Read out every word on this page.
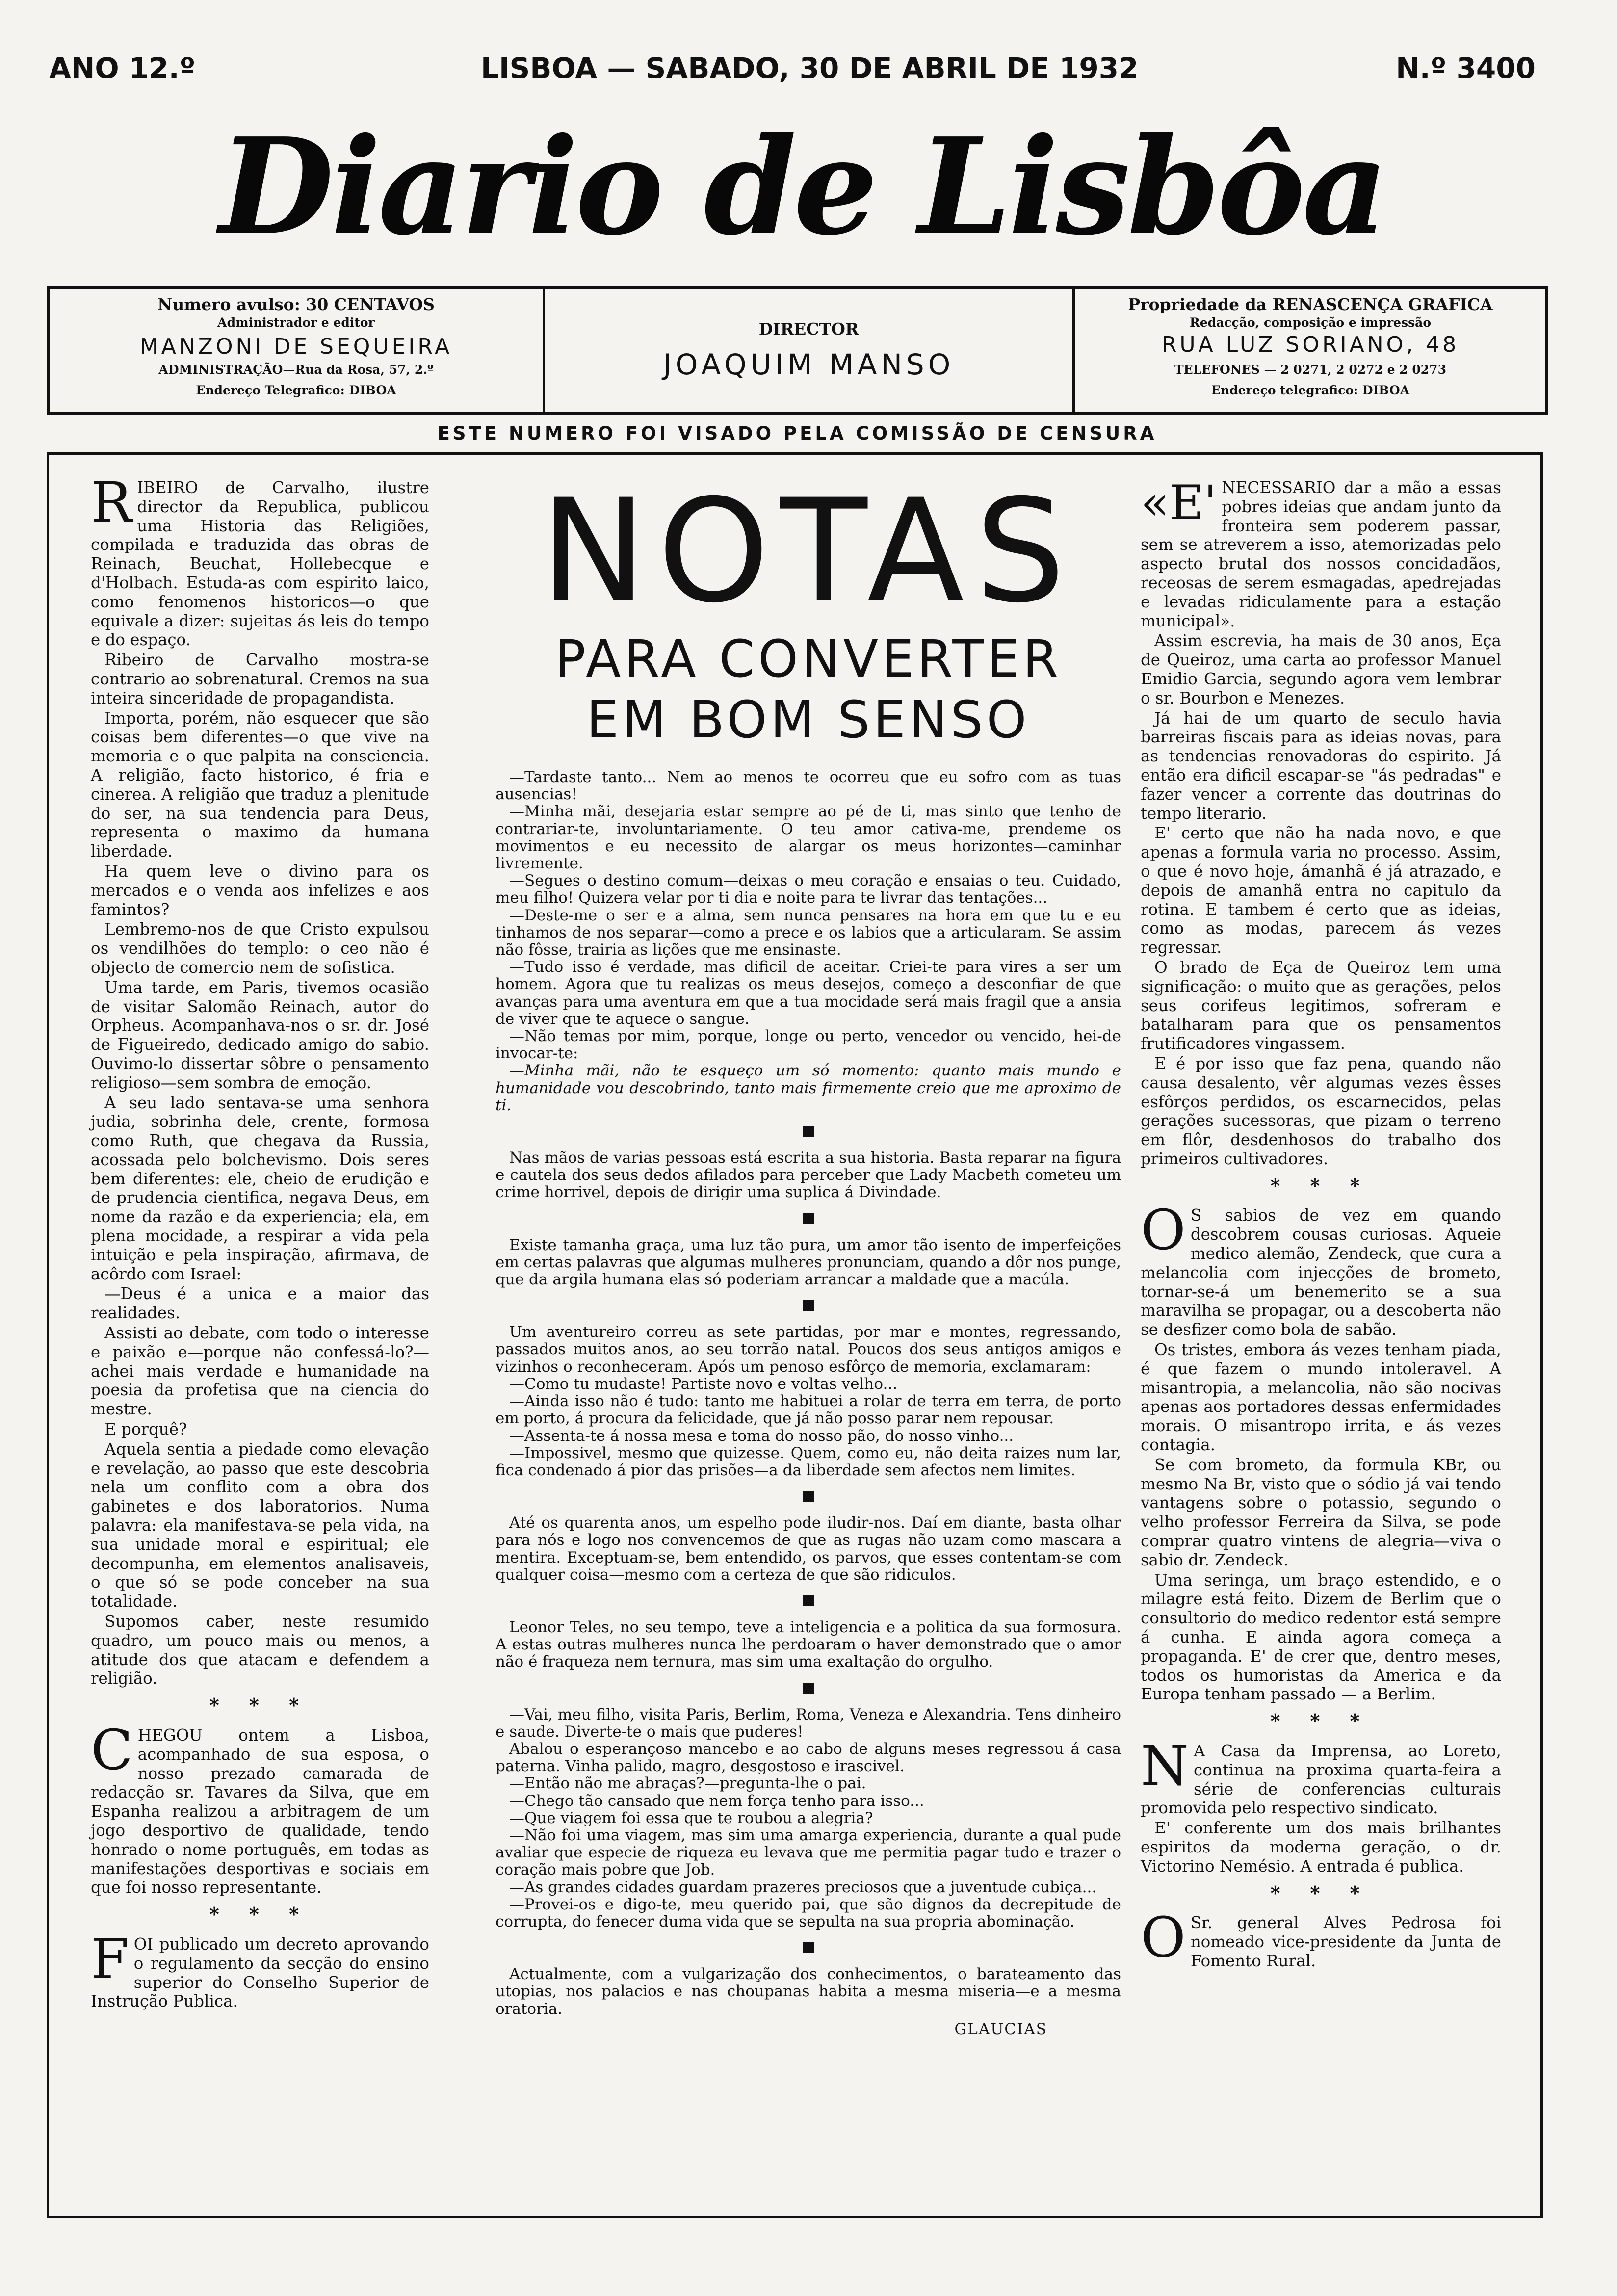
ANO 12.º	LISBOA — SABADO, 30 DE ABRIL DE 1932	N.º 3400
Diario de Lisbôa
Numero avulso: 30 CENTAVOS
Administrador e editor
MANZONI DE SEQUEIRA
ADMINISTRAÇÃO—Rua da Rosa, 57, 2.º
Endereço Telegrafico: DIBOA
DIRECTOR
JOAQUIM MANSO
Propriedade da RENASCENÇA GRAFICA
Redacção, composição e impressão
RUA LUZ SORIANO, 48
TELEFONES — 2 0271, 2 0272 e 2 0273
Endereço telegrafico: DIBOA
ESTE NUMERO FOI VISADO PELA COMISSÃO DE CENSURA

RIBEIRO de Carvalho, ilustre director da Republica, publicou uma Historia das Religiões, compilada e traduzida das obras de Reinach, Beuchat, Hollebecque e d'Holbach. Estuda-as com espirito laico, como fenomenos historicos—o que equivale a dizer: sujeitas ás leis do tempo e do espaço.

Ribeiro de Carvalho mostra-se contrario ao sobrenatural. Cremos na sua inteira sinceridade de propagandista.

Importa, porém, não esquecer que são coisas bem diferentes—o que vive na memoria e o que palpita na consciencia. A religião, facto historico, é fria e cinerea. A religião que traduz a plenitude do ser, na sua tendencia para Deus, representa o maximo da humana liberdade.

Ha quem leve o divino para os mercados e o venda aos infelizes e aos famintos?

Lembremo-nos de que Cristo expulsou os vendilhões do templo: o ceo não é objecto de comercio nem de sofistica.

Uma tarde, em Paris, tivemos ocasião de visitar Salomão Reinach, autor do Orpheus. Acompanhava-nos o sr. dr. José de Figueiredo, dedicado amigo do sabio. Ouvimo-lo dissertar sôbre o pensamento religioso—sem sombra de emoção.

A seu lado sentava-se uma senhora judia, sobrinha dele, crente, formosa como Ruth, que chegava da Russia, acossada pelo bolchevismo. Dois seres bem diferentes: ele, cheio de erudição e de prudencia cientifica, negava Deus, em nome da razão e da experiencia; ela, em plena mocidade, a respirar a vida pela intuição e pela inspiração, afirmava, de acôrdo com Israel:

—Deus é a unica e a maior das realidades.

Assisti ao debate, com todo o interesse e paixão e—porque não confessá-lo?—achei mais verdade e humanidade na poesia da profetisa que na ciencia do mestre.

E porquê?

Aquela sentia a piedade como elevação e revelação, ao passo que este descobria nela um conflito com a obra dos gabinetes e dos laboratorios. Numa palavra: ela manifestava-se pela vida, na sua unidade moral e espiritual; ele decompunha, em elementos analisaveis, o que só se pode conceber na sua totalidade.

Supomos caber, neste resumido quadro, um pouco mais ou menos, a atitude dos que atacam e defendem a religião.

* * *

CHEGOU ontem a Lisboa, acompanhado de sua esposa, o nosso prezado camarada de redacção sr. Tavares da Silva, que em Espanha realizou a arbitragem de um jogo desportivo de qualidade, tendo honrado o nome português, em todas as manifestações desportivas e sociais em que foi nosso representante.

* * *

FOI publicado um decreto aprovando o regulamento da secção do ensino superior do Conselho Superior de Instrução Publica.

NOTAS
PARA CONVERTER
EM BOM SENSO

—Tardaste tanto... Nem ao menos te ocorreu que eu sofro com as tuas ausencias!

—Minha mãi, desejaria estar sempre ao pé de ti, mas sinto que tenho de contrariar-te, involuntariamente. O teu amor cativa-me, prendeme os movimentos e eu necessito de alargar os meus horizontes—caminhar livremente.

—Segues o destino comum—deixas o meu coração e ensaias o teu. Cuidado, meu filho! Quizera velar por ti dia e noite para te livrar das tentações...

—Deste-me o ser e a alma, sem nunca pensares na hora em que tu e eu tinhamos de nos separar—como a prece e os labios que a articularam. Se assim não fôsse, trairia as lições que me ensinaste.

—Tudo isso é verdade, mas dificil de aceitar. Criei-te para vires a ser um homem. Agora que tu realizas os meus desejos, começo a desconfiar de que avanças para uma aventura em que a tua mocidade será mais fragil que a ansia de viver que te aquece o sangue.

—Não temas por mim, porque, longe ou perto, vencedor ou vencido, hei-de invocar-te:

—Minha mãi, não te esqueço um só momento: quanto mais mundo e humanidade vou descobrindo, tanto mais firmemente creio que me aproximo de ti.

Nas mãos de varias pessoas está escrita a sua historia. Basta reparar na figura e cautela dos seus dedos afilados para perceber que Lady Macbeth cometeu um crime horrivel, depois de dirigir uma suplica á Divindade.

Existe tamanha graça, uma luz tão pura, um amor tão isento de imperfeições em certas palavras que algumas mulheres pronunciam, quando a dôr nos punge, que da argila humana elas só poderiam arrancar a maldade que a macúla.

Um aventureiro correu as sete partidas, por mar e montes, regressando, passados muitos anos, ao seu torrão natal. Poucos dos seus antigos amigos e vizinhos o reconheceram. Após um penoso esfôrço de memoria, exclamaram:

—Como tu mudaste! Partiste novo e voltas velho...

—Ainda isso não é tudo: tanto me habituei a rolar de terra em terra, de porto em porto, á procura da felicidade, que já não posso parar nem repousar.

—Assenta-te á nossa mesa e toma do nosso pão, do nosso vinho...

—Impossivel, mesmo que quizesse. Quem, como eu, não deita raizes num lar, fica condenado á pior das prisões—a da liberdade sem afectos nem limites.

Até os quarenta anos, um espelho pode iludir-nos. Daí em diante, basta olhar para nós e logo nos convencemos de que as rugas não uzam como mascara a mentira. Exceptuam-se, bem entendido, os parvos, que esses contentam-se com qualquer coisa—mesmo com a certeza de que são ridiculos.

Leonor Teles, no seu tempo, teve a inteligencia e a politica da sua formosura. A estas outras mulheres nunca lhe perdoaram o haver demonstrado que o amor não é fraqueza nem ternura, mas sim uma exaltação do orgulho.

—Vai, meu filho, visita Paris, Berlim, Roma, Veneza e Alexandria. Tens dinheiro e saude. Diverte-te o mais que puderes!

Abalou o esperançoso mancebo e ao cabo de alguns meses regressou á casa paterna. Vinha palido, magro, desgostoso e irascivel.

—Então não me abraças?—pregunta-lhe o pai.

—Chego tão cansado que nem força tenho para isso...

—Que viagem foi essa que te roubou a alegria?

—Não foi uma viagem, mas sim uma amarga experiencia, durante a qual pude avaliar que especie de riqueza eu levava que me permitia pagar tudo e trazer o coração mais pobre que Job.

—As grandes cidades guardam prazeres preciosos que a juventude cubiça...

—Provei-os e digo-te, meu querido pai, que são dignos da decrepitude de corrupta, do fenecer duma vida que se sepulta na sua propria abominação.

Actualmente, com a vulgarização dos conhecimentos, o barateamento das utopias, nos palacios e nas choupanas habita a mesma miseria—e a mesma oratoria.

GLAUCIAS

«E' NECESSARIO dar a mão a essas pobres ideias que andam junto da fronteira sem poderem passar, sem se atreverem a isso, atemorizadas pelo aspecto brutal dos nossos concidadãos, receosas de serem esmagadas, apedrejadas e levadas ridiculamente para a estação municipal».

Assim escrevia, ha mais de 30 anos, Eça de Queiroz, uma carta ao professor Manuel Emidio Garcia, segundo agora vem lembrar o sr. Bourbon e Menezes.

Já hai de um quarto de seculo havia barreiras fiscais para as ideias novas, para as tendencias renovadoras do espirito. Já então era dificil escapar-se "ás pedradas" e fazer vencer a corrente das doutrinas do tempo literario.

E' certo que não ha nada novo, e que apenas a formula varia no processo. Assim, o que é novo hoje, ámanhã é já atrazado, e depois de amanhã entra no capitulo da rotina. E tambem é certo que as ideias, como as modas, parecem ás vezes regressar.

O brado de Eça de Queiroz tem uma significação: o muito que as gerações, pelos seus corifeus legitimos, sofreram e batalharam para que os pensamentos frutificadores vingassem.

E é por isso que faz pena, quando não causa desalento, vêr algumas vezes êsses esfôrços perdidos, os escarnecidos, pelas gerações sucessoras, que pizam o terreno em flôr, desdenhosos do trabalho dos primeiros cultivadores.

* * *

O S sabios de vez em quando descobrem cousas curiosas. Aqueie medico alemão, Zendeck, que cura a melancolia com injecções de brometo, tornar-se-á um benemerito se a sua maravilha se propagar, ou a descoberta não se desfizer como bola de sabão.

Os tristes, embora ás vezes tenham piada, é que fazem o mundo intoleravel. A misantropia, a melancolia, não são nocivas apenas aos portadores dessas enfermidades morais. O misantropo irrita, e ás vezes contagia.

Se com brometo, da formula KBr, ou mesmo Na Br, visto que o sódio já vai tendo vantagens sobre o potassio, segundo o velho professor Ferreira da Silva, se pode comprar quatro vintens de alegria—viva o sabio dr. Zendeck.

Uma seringa, um braço estendido, e o milagre está feito. Dizem de Berlim que o consultorio do medico redentor está sempre á cunha. E ainda agora começa a propaganda. E' de crer que, dentro meses, todos os humoristas da America e da Europa tenham passado — a Berlim.

* * *

N A Casa da Imprensa, ao Loreto, continua na proxima quarta-feira a série de conferencias culturais promovida pelo respectivo sindicato.

E' conferente um dos mais brilhantes espiritos da moderna geração, o dr. Victorino Nemésio. A entrada é publica.

* * *

O Sr. general Alves Pedrosa foi nomeado vice-presidente da Junta de Fomento Rural.
